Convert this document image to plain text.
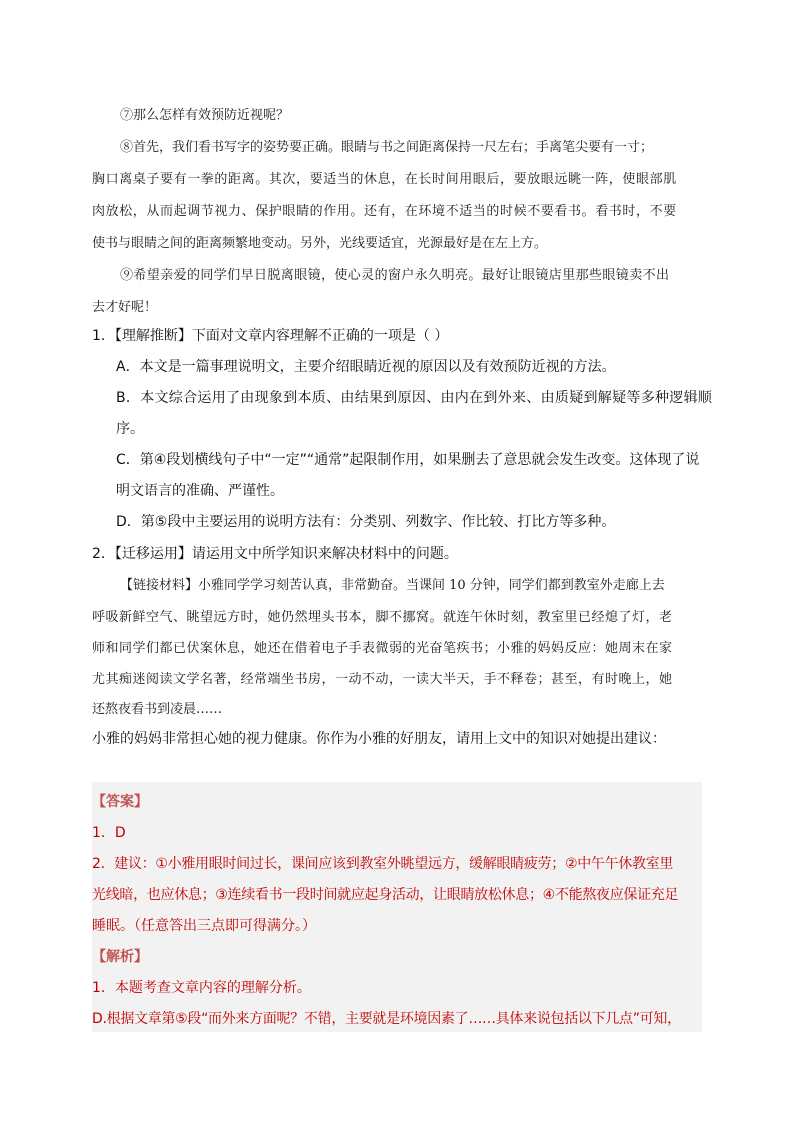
⑦那么怎样有效预防近视呢？
⑧首先，我们看书写字的姿势要正确。眼睛与书之间距离保持一尺左右；手离笔尖要有一寸；
胸口离桌子要有一拳的距离。其次，要适当的休息，在长时间用眼后，要放眼远眺一阵，使眼部肌
肉放松，从而起调节视力、保护眼睛的作用。还有，在环境不适当的时候不要看书。看书时，不要
使书与眼睛之间的距离频繁地变动。另外，光线要适宜，光源最好是在左上方。
⑨希望亲爱的同学们早日脱离眼镜，使心灵的窗户永久明亮。最好让眼镜店里那些眼镜卖不出
去才好呢！
1．【理解推断】下面对文章内容理解不正确的一项是（ ）
A．本文是一篇事理说明文，主要介绍眼睛近视的原因以及有效预防近视的方法。
B．本文综合运用了由现象到本质、由结果到原因、由内在到外来、由质疑到解疑等多种逻辑顺
序。
C．第④段划横线句子中“一定”“通常”起限制作用，如果删去了意思就会发生改变。这体现了说
明文语言的准确、严谨性。
D．第⑤段中主要运用的说明方法有：分类别、列数字、作比较、打比方等多种。
2．【迁移运用】请运用文中所学知识来解决材料中的问题。
【链接材料】小雅同学学习刻苦认真，非常勤奋。当课间 10 分钟，同学们都到教室外走廊上去
呼吸新鲜空气、眺望远方时，她仍然埋头书本，脚不挪窝。就连午休时刻，教室里已经熄了灯，老
师和同学们都已伏案休息，她还在借着电子手表微弱的光奋笔疾书；小雅的妈妈反应：她周末在家
尤其痴迷阅读文学名著，经常端坐书房，一动不动，一读大半天，手不释卷；甚至，有时晚上，她
还熬夜看书到凌晨……
小雅的妈妈非常担心她的视力健康。你作为小雅的好朋友，请用上文中的知识对她提出建议：
【答案】
1．D
2．建议：①小雅用眼时间过长，课间应该到教室外眺望远方，缓解眼睛疲劳；②中午午休教室里
光线暗，也应休息；③连续看书一段时间就应起身活动，让眼睛放松休息；④不能熬夜应保证充足
睡眠。（任意答出三点即可得满分。）
【解析】
1．本题考查文章内容的理解分析。
D.根据文章第⑤段“而外来方面呢？不错，主要就是环境因素了……具体来说包括以下几点”可知，
